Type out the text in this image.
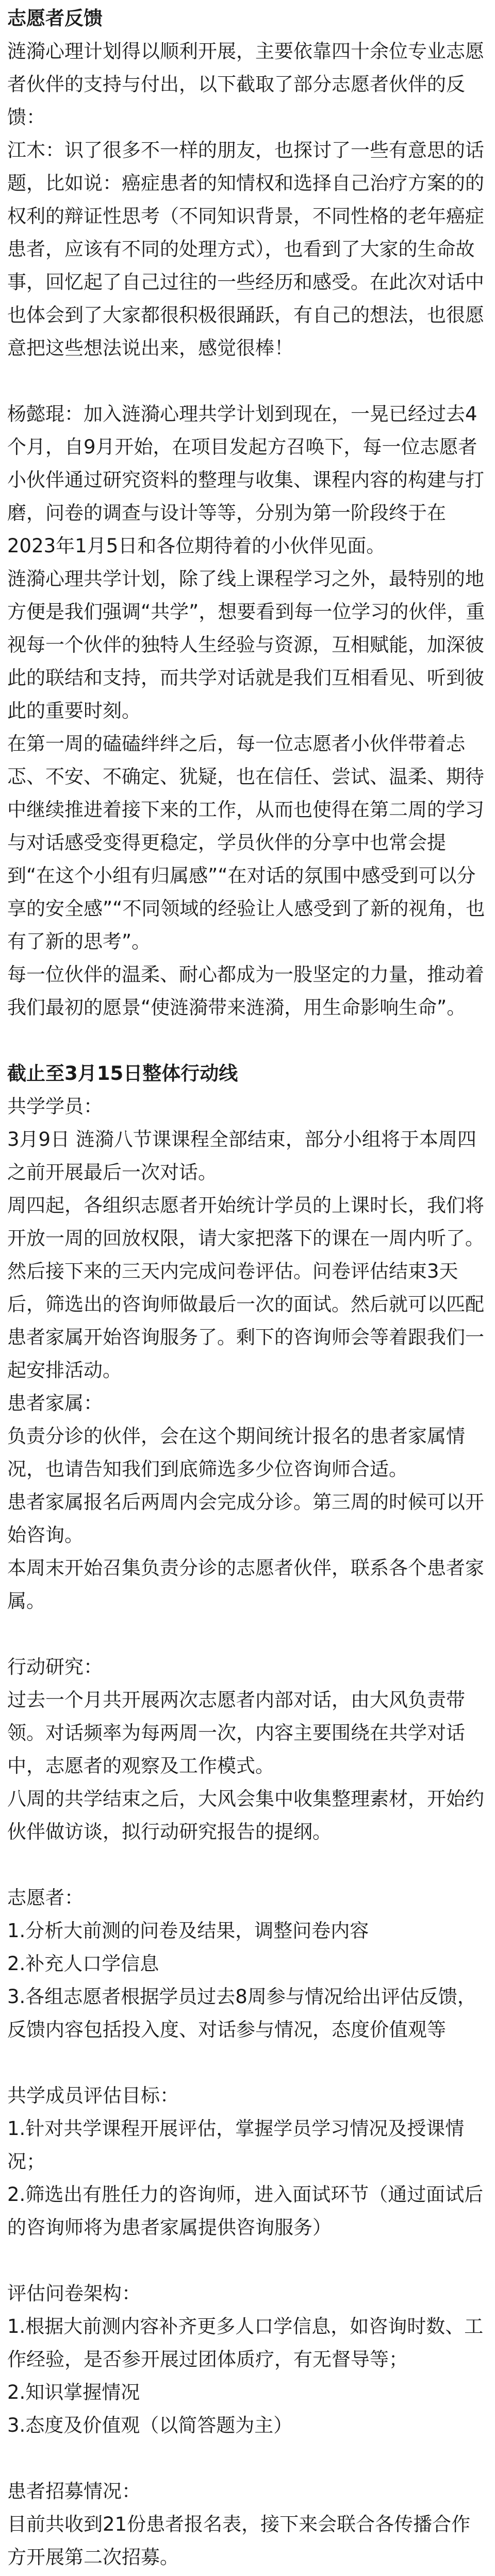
志愿者反馈

涟漪心理计划得以顺利开展，主要依靠四十余位专业志愿者伙伴的支持与付出，以下截取了部分志愿者伙伴的反馈：

江木：识了很多不一样的朋友，也探讨了一些有意思的话题，比如说：癌症患者的知情权和选择自己治疗方案的的权利的辩证性思考（不同知识背景，不同性格的老年癌症患者，应该有不同的处理方式），也看到了大家的生命故事，回忆起了自己过往的一些经历和感受。在此次对话中也体会到了大家都很积极很踊跃，有自己的想法，也很愿意把这些想法说出来，感觉很棒！

杨懿琨：加入涟漪心理共学计划到现在，一晃已经过去4个月，自9月开始，在项目发起方召唤下，每一位志愿者小伙伴通过研究资料的整理与收集、课程内容的构建与打磨，问卷的调查与设计等等，分别为第一阶段终于在2023年1月5日和各位期待着的小伙伴见面。

涟漪心理共学计划，除了线上课程学习之外，最特别的地方便是我们强调“共学”，想要看到每一位学习的伙伴，重视每一个伙伴的独特人生经验与资源，互相赋能，加深彼此的联结和支持，而共学对话就是我们互相看见、听到彼此的重要时刻。

在第一周的磕磕绊绊之后，每一位志愿者小伙伴带着忐忑、不安、不确定、犹疑，也在信任、尝试、温柔、期待中继续推进着接下来的工作，从而也使得在第二周的学习与对话感受变得更稳定，学员伙伴的分享中也常会提到“在这个小组有归属感”“在对话的氛围中感受到可以分享的安全感”“不同领域的经验让人感受到了新的视角，也有了新的思考”。

每一位伙伴的温柔、耐心都成为一股坚定的力量，推动着我们最初的愿景“使涟漪带来涟漪，用生命影响生命”。

截止至3月15日整体行动线

共学学员：

3月9日 涟漪八节课课程全部结束，部分小组将于本周四之前开展最后一次对话。

周四起，各组织志愿者开始统计学员的上课时长，我们将开放一周的回放权限，请大家把落下的课在一周内听了。然后接下来的三天内完成问卷评估。问卷评估结束3天后，筛选出的咨询师做最后一次的面试。然后就可以匹配患者家属开始咨询服务了。剩下的咨询师会等着跟我们一起安排活动。

患者家属：

负责分诊的伙伴，会在这个期间统计报名的患者家属情况，也请告知我们到底筛选多少位咨询师合适。

患者家属报名后两周内会完成分诊。第三周的时候可以开始咨询。

本周末开始召集负责分诊的志愿者伙伴，联系各个患者家属。

行动研究：

过去一个月共开展两次志愿者内部对话，由大风负责带领。对话频率为每两周一次，内容主要围绕在共学对话中，志愿者的观察及工作模式。

八周的共学结束之后，大风会集中收集整理素材，开始约伙伴做访谈，拟行动研究报告的提纲。

志愿者：

1.分析大前测的问卷及结果，调整问卷内容

2.补充人口学信息

3.各组志愿者根据学员过去8周参与情况给出评估反馈，反馈内容包括投入度、对话参与情况，态度价值观等

共学成员评估目标：

1.针对共学课程开展评估，掌握学员学习情况及授课情况；

2.筛选出有胜任力的咨询师，进入面试环节（通过面试后的咨询师将为患者家属提供咨询服务）

评估问卷架构：

1.根据大前测内容补齐更多人口学信息，如咨询时数、工作经验，是否参开展过团体质疗，有无督导等；

2.知识掌握情况

3.态度及价值观（以简答题为主）

患者招募情况：

目前共收到21份患者报名表，接下来会联合各传播合作方开展第二次招募。
